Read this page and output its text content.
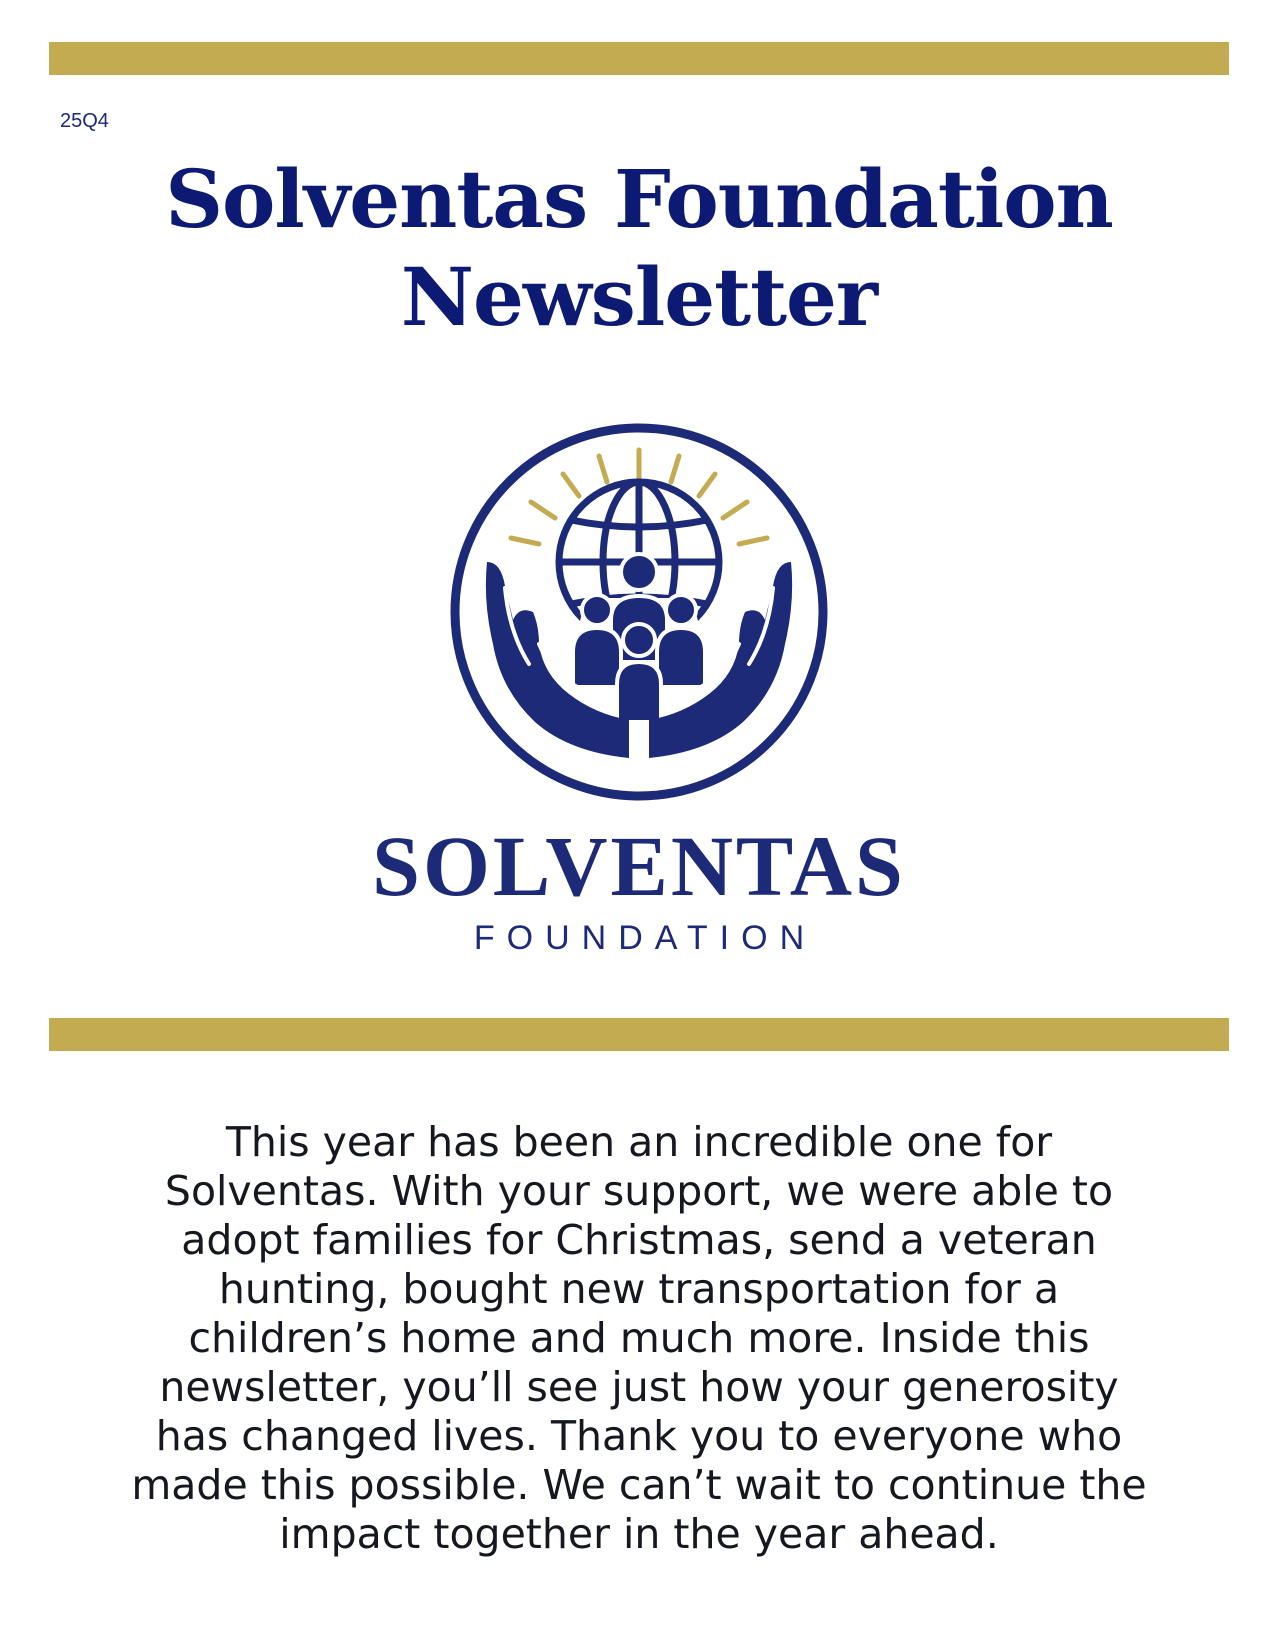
25Q4
Solventas Foundation
Newsletter
SOLVENTAS
FOUNDATION

This year has been an incredible one for Solventas. With your support, we were able to adopt families for Christmas, send a veteran hunting, bought new transportation for a children’s home and much more. Inside this newsletter, you’ll see just how your generosity has changed lives. Thank you to everyone who made this possible. We can’t wait to continue the impact together in the year ahead.
